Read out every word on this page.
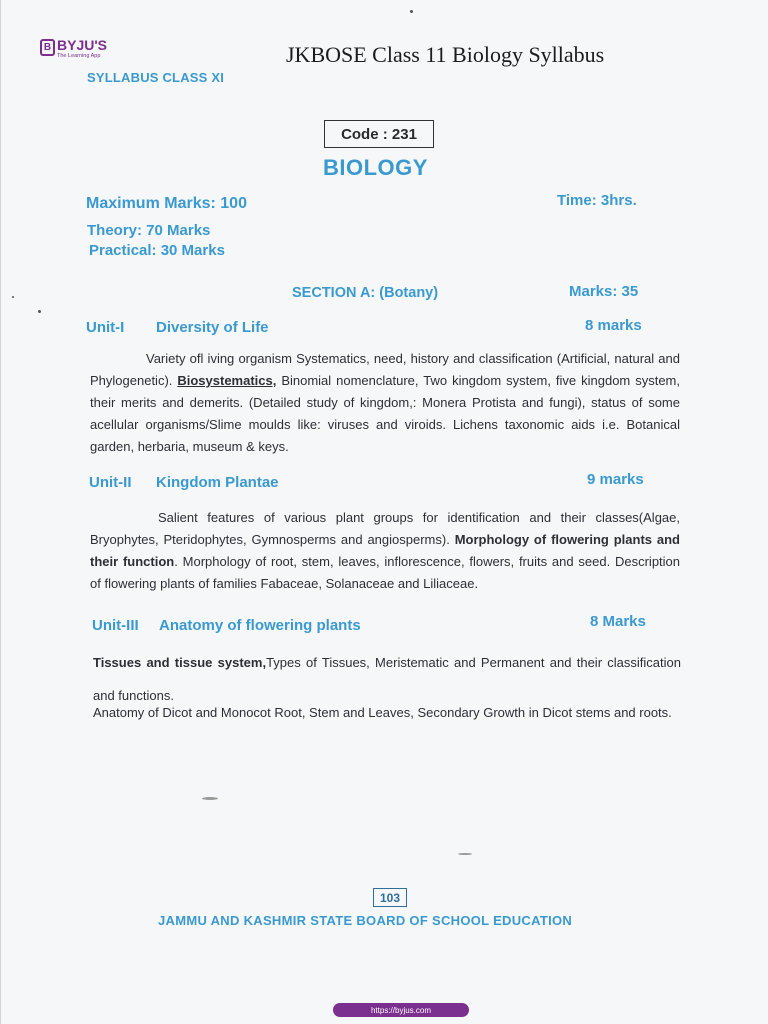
B BYJU'S
The Learning App	JKBOSE Class 11 Biology Syllabus
SYLLABUS CLASS XI
Code : 231
BIOLOGY
Maximum Marks: 100	Time: 3hrs.
Theory: 70 Marks
Practical: 30 Marks
SECTION A: (Botany)	Marks: 35
Unit-I Diversity of Life	8 marks
Variety ofl iving organism Systematics, need, history and classification (Artificial, natural and Phylogenetic). Biosystematics, Binomial nomenclature, Two kingdom system, five kingdom system, their merits and demerits. (Detailed study of kingdom,: Monera Protista and fungi), status of some acellular organisms/Slime moulds like: viruses and viroids. Lichens taxonomic aids i.e. Botanical garden, herbaria, museum & keys.
Unit-II Kingdom Plantae	9 marks
Salient features of various plant groups for identification and their classes(Algae, Bryophytes, Pteridophytes, Gymnosperms and angiosperms). Morphology of flowering plants and their function. Morphology of root, stem, leaves, inflorescence, flowers, fruits and seed. Description of flowering plants of families Fabaceae, Solanaceae and Liliaceae.
Unit-III Anatomy of flowering plants	8 Marks
Tissues and tissue system,Types of Tissues, Meristematic and Permanent and their classification and functions.
Anatomy of Dicot and Monocot Root, Stem and Leaves, Secondary Growth in Dicot stems and roots.
103
JAMMU AND KASHMIR STATE BOARD OF SCHOOL EDUCATION
https://byjus.com
